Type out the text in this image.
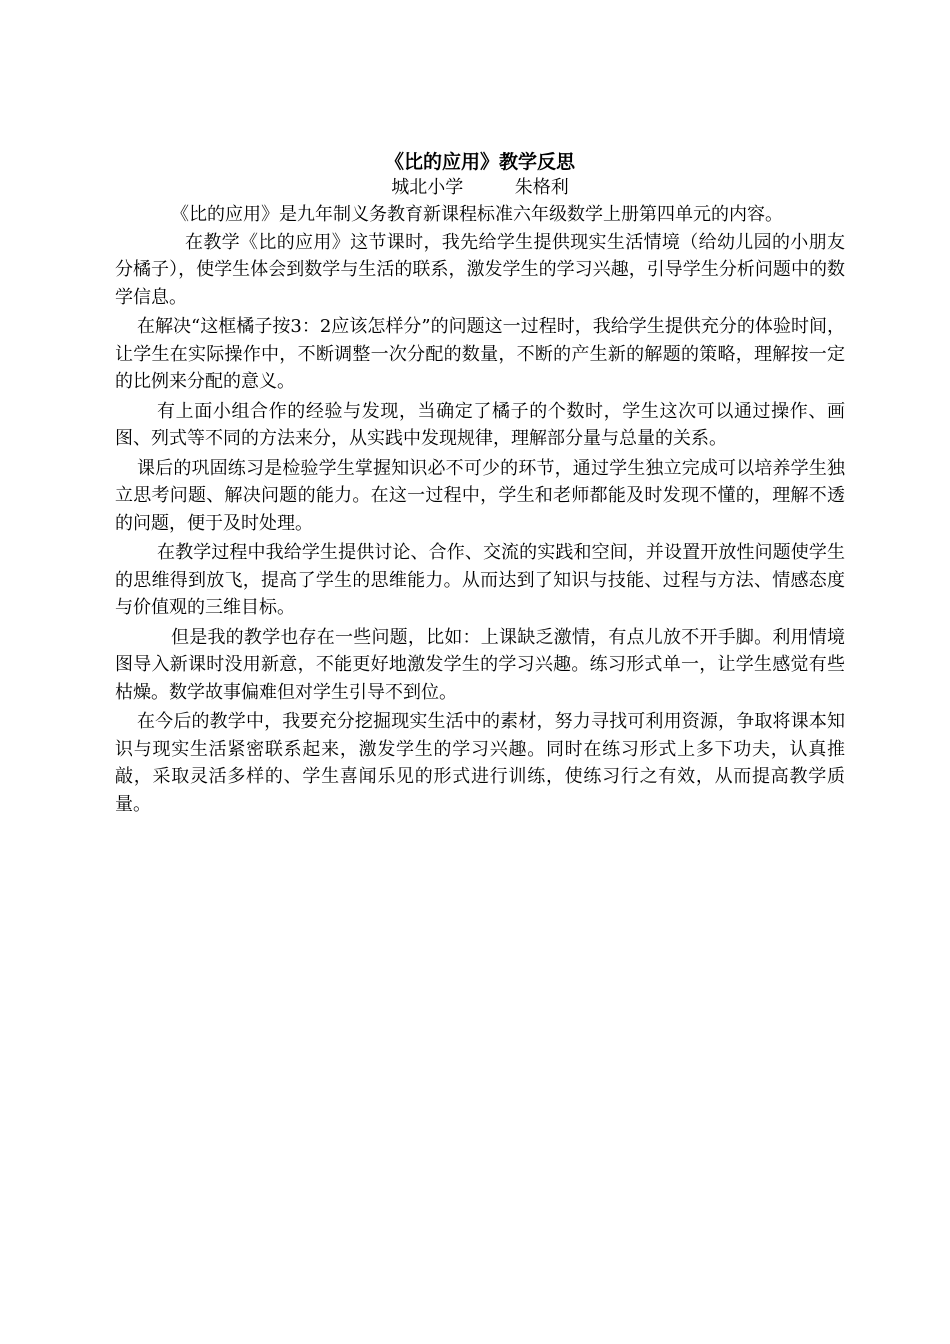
《比的应用》教学反思
城北小学	朱格利

《比的应用》是九年制义务教育新课程标准六年级数学上册第四单元的内容。

在教学《比的应用》这节课时，我先给学生提供现实生活情境（给幼儿园的小朋友分橘子），使学生体会到数学与生活的联系，激发学生的学习兴趣，引导学生分析问题中的数学信息。

在解决“这框橘子按3：2应该怎样分”的问题这一过程时，我给学生提供充分的体验时间，让学生在实际操作中，不断调整一次分配的数量，不断的产生新的解题的策略，理解按一定的比例来分配的意义。

有上面小组合作的经验与发现，当确定了橘子的个数时，学生这次可以通过操作、画图、列式等不同的方法来分，从实践中发现规律，理解部分量与总量的关系。

课后的巩固练习是检验学生掌握知识必不可少的环节，通过学生独立完成可以培养学生独立思考问题、解决问题的能力。在这一过程中，学生和老师都能及时发现不懂的，理解不透的问题，便于及时处理。

在教学过程中我给学生提供讨论、合作、交流的实践和空间，并设置开放性问题使学生的思维得到放飞，提高了学生的思维能力。从而达到了知识与技能、过程与方法、情感态度与价值观的三维目标。

但是我的教学也存在一些问题，比如：上课缺乏激情，有点儿放不开手脚。利用情境图导入新课时没用新意，不能更好地激发学生的学习兴趣。练习形式单一，让学生感觉有些枯燥。数学故事偏难但对学生引导不到位。

在今后的教学中，我要充分挖掘现实生活中的素材，努力寻找可利用资源，争取将课本知识与现实生活紧密联系起来，激发学生的学习兴趣。同时在练习形式上多下功夫，认真推敲，采取灵活多样的、学生喜闻乐见的形式进行训练，使练习行之有效，从而提高教学质量。
